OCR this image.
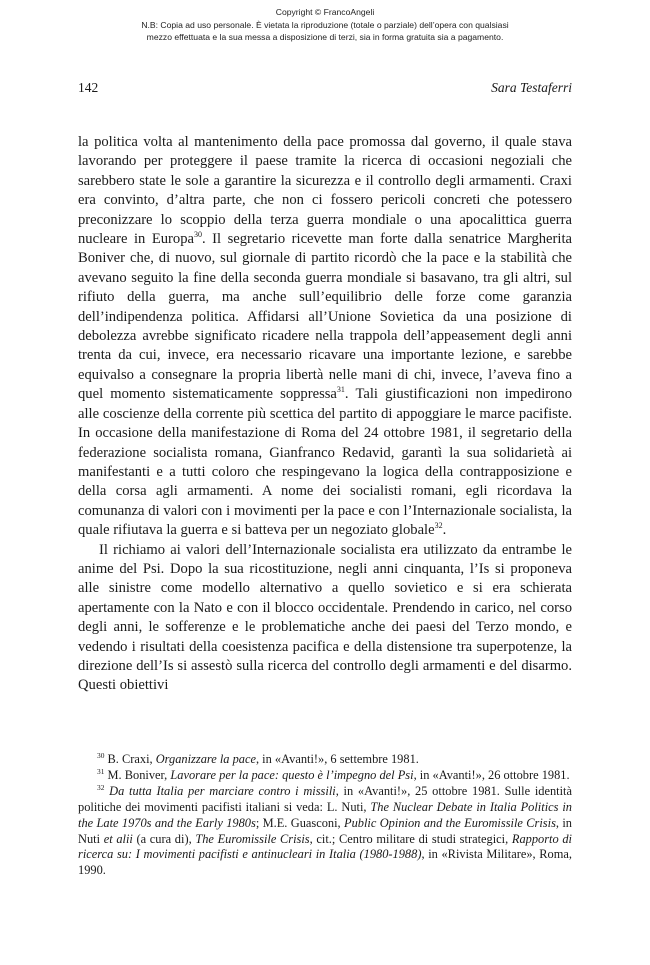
Copyright © FrancoAngeli
N.B: Copia ad uso personale. È vietata la riproduzione (totale o parziale) dell’opera con qualsiasi
mezzo effettuata e la sua messa a disposizione di terzi, sia in forma gratuita sia a pagamento.
142	Sara Testaferri

la politica volta al mantenimento della pace promossa dal governo, il quale stava lavorando per proteggere il paese tramite la ricerca di occasioni negoziali che sarebbero state le sole a garantire la sicurezza e il controllo degli armamenti. Craxi era convinto, d’altra parte, che non ci fossero pericoli concreti che potessero preconizzare lo scoppio della terza guerra mondiale o una apocalittica guerra nucleare in Europa$^{30}$. Il segretario ricevette man forte dalla senatrice Margherita Boniver che, di nuovo, sul giornale di partito ricordò che la pace e la stabilità che avevano seguito la fine della seconda guerra mondiale si basavano, tra gli altri, sul rifiuto della guerra, ma anche sull’equilibrio delle forze come garanzia dell’indipendenza politica. Affidarsi all’Unione Sovietica da una posizione di debolezza avrebbe significato ricadere nella trappola dell’appeasement degli anni trenta da cui, invece, era necessario ricavare una importante lezione, e sarebbe equivalso a consegnare la propria libertà nelle mani di chi, invece, l’aveva fino a quel momento sistematicamente soppressa$^{31}$. Tali giustificazioni non impedirono alle coscienze della corrente più scettica del partito di appoggiare le marce pacifiste. In occasione della manifestazione di Roma del 24 ottobre 1981, il segretario della federazione socialista romana, Gianfranco Redavid, garantì la sua solidarietà ai manifestanti e a tutti coloro che respingevano la logica della contrapposizione e della corsa agli armamenti. A nome dei socialisti romani, egli ricordava la comunanza di valori con i movimenti per la pace e con l’Internazionale socialista, la quale rifiutava la guerra e si batteva per un negoziato globale$^{32}$.

Il richiamo ai valori dell’Internazionale socialista era utilizzato da entrambe le anime del Psi. Dopo la sua ricostituzione, negli anni cinquanta, l’Is si proponeva alle sinistre come modello alternativo a quello sovietico e si era schierata apertamente con la Nato e con il blocco occidentale. Prendendo in carico, nel corso degli anni, le sofferenze e le problematiche anche dei paesi del Terzo mondo, e vedendo i risultati della coesistenza pacifica e della distensione tra superpotenze, la direzione dell’Is si assestò sulla ricerca del controllo degli armamenti e del disarmo. Questi obiettivi

$^{30}$ B. Craxi, Organizzare la pace, in «Avanti!», 6 settembre 1981.

$^{31}$ M. Boniver, Lavorare per la pace: questo è l’impegno del Psi, in «Avanti!», 26 ottobre 1981.

$^{32}$ Da tutta Italia per marciare contro i missili, in «Avanti!», 25 ottobre 1981. Sulle identità politiche dei movimenti pacifisti italiani si veda: L. Nuti, The Nuclear Debate in Italia Politics in the Late 1970s and the Early 1980s; M.E. Guasconi, Public Opinion and the Euromissile Crisis, in Nuti et alii (a cura di), The Euromissile Crisis, cit.; Centro militare di studi strategici, Rapporto di ricerca su: I movimenti pacifisti e antinucleari in Italia (1980-1988), in «Rivista Militare», Roma, 1990.
